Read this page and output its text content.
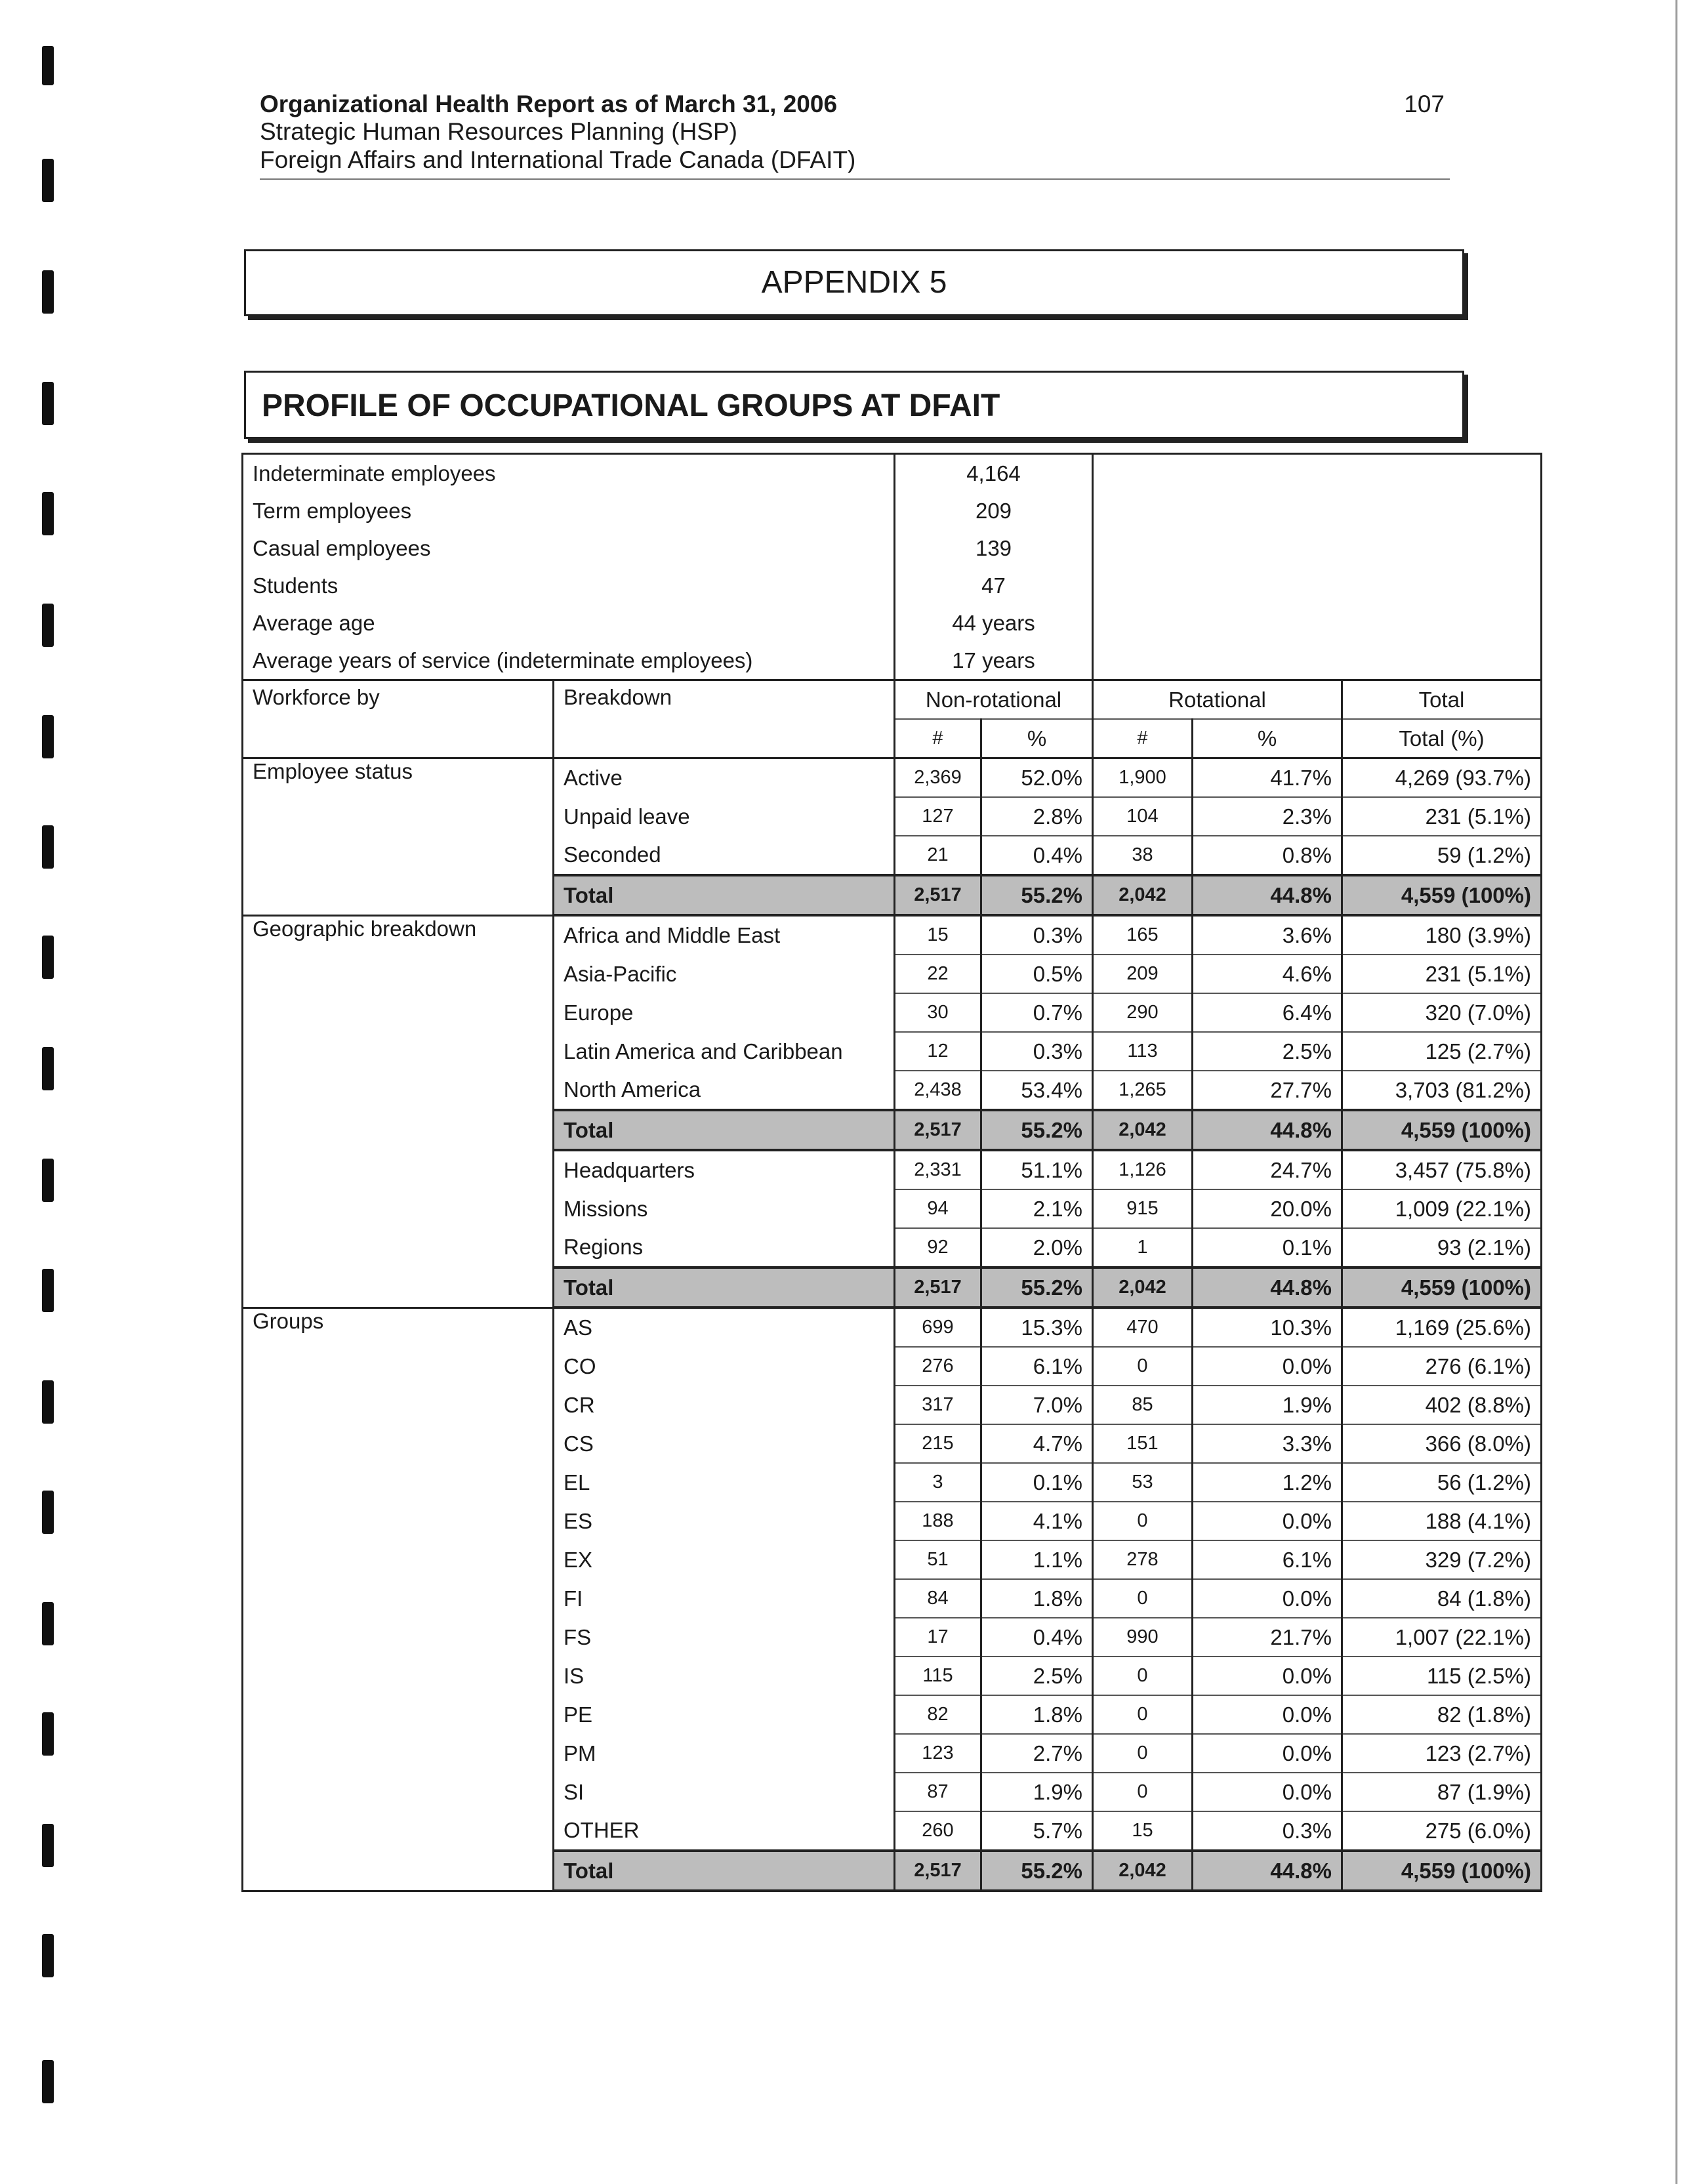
Organizational Health Report as of March 31, 2006
Strategic Human Resources Planning (HSP)
Foreign Affairs and International Trade Canada (DFAIT)
107
APPENDIX 5
PROFILE OF OCCUPATIONAL GROUPS AT DFAIT
Indeterminate employees		4,164				
Term employees		209				
Casual employees		139				
Students		47				
Average age		44 years				
Average years of service (indeterminate employees)		17 years				
Workforce by	Breakdown	Non-rotational		Rotational		Total
		#	%	#	%	Total (%)
Employee status	Active	2,369	52.0%	1,900	41.7%	4,269 (93.7%)
	Unpaid leave	127	2.8%	104	2.3%	231 (5.1%)
	Seconded	21	0.4%	38	0.8%	59 (1.2%)
	Total	2,517	55.2%	2,042	44.8%	4,559 (100%)
Geographic breakdown	Africa and Middle East	15	0.3%	165	3.6%	180 (3.9%)
	Asia-Pacific	22	0.5%	209	4.6%	231 (5.1%)
	Europe	30	0.7%	290	6.4%	320 (7.0%)
	Latin America and Caribbean	12	0.3%	113	2.5%	125 (2.7%)
	North America	2,438	53.4%	1,265	27.7%	3,703 (81.2%)
	Total	2,517	55.2%	2,042	44.8%	4,559 (100%)
	Headquarters	2,331	51.1%	1,126	24.7%	3,457 (75.8%)
	Missions	94	2.1%	915	20.0%	1,009 (22.1%)
	Regions	92	2.0%	1	0.1%	93 (2.1%)
	Total	2,517	55.2%	2,042	44.8%	4,559 (100%)
Groups	AS	699	15.3%	470	10.3%	1,169 (25.6%)
	CO	276	6.1%	0	0.0%	276 (6.1%)
	CR	317	7.0%	85	1.9%	402 (8.8%)
	CS	215	4.7%	151	3.3%	366 (8.0%)
	EL	3	0.1%	53	1.2%	56 (1.2%)
	ES	188	4.1%	0	0.0%	188 (4.1%)
	EX	51	1.1%	278	6.1%	329 (7.2%)
	FI	84	1.8%	0	0.0%	84 (1.8%)
	FS	17	0.4%	990	21.7%	1,007 (22.1%)
	IS	115	2.5%	0	0.0%	115 (2.5%)
	PE	82	1.8%	0	0.0%	82 (1.8%)
	PM	123	2.7%	0	0.0%	123 (2.7%)
	SI	87	1.9%	0	0.0%	87 (1.9%)
	OTHER	260	5.7%	15	0.3%	275 (6.0%)
	Total	2,517	55.2%	2,042	44.8%	4,559 (100%)
